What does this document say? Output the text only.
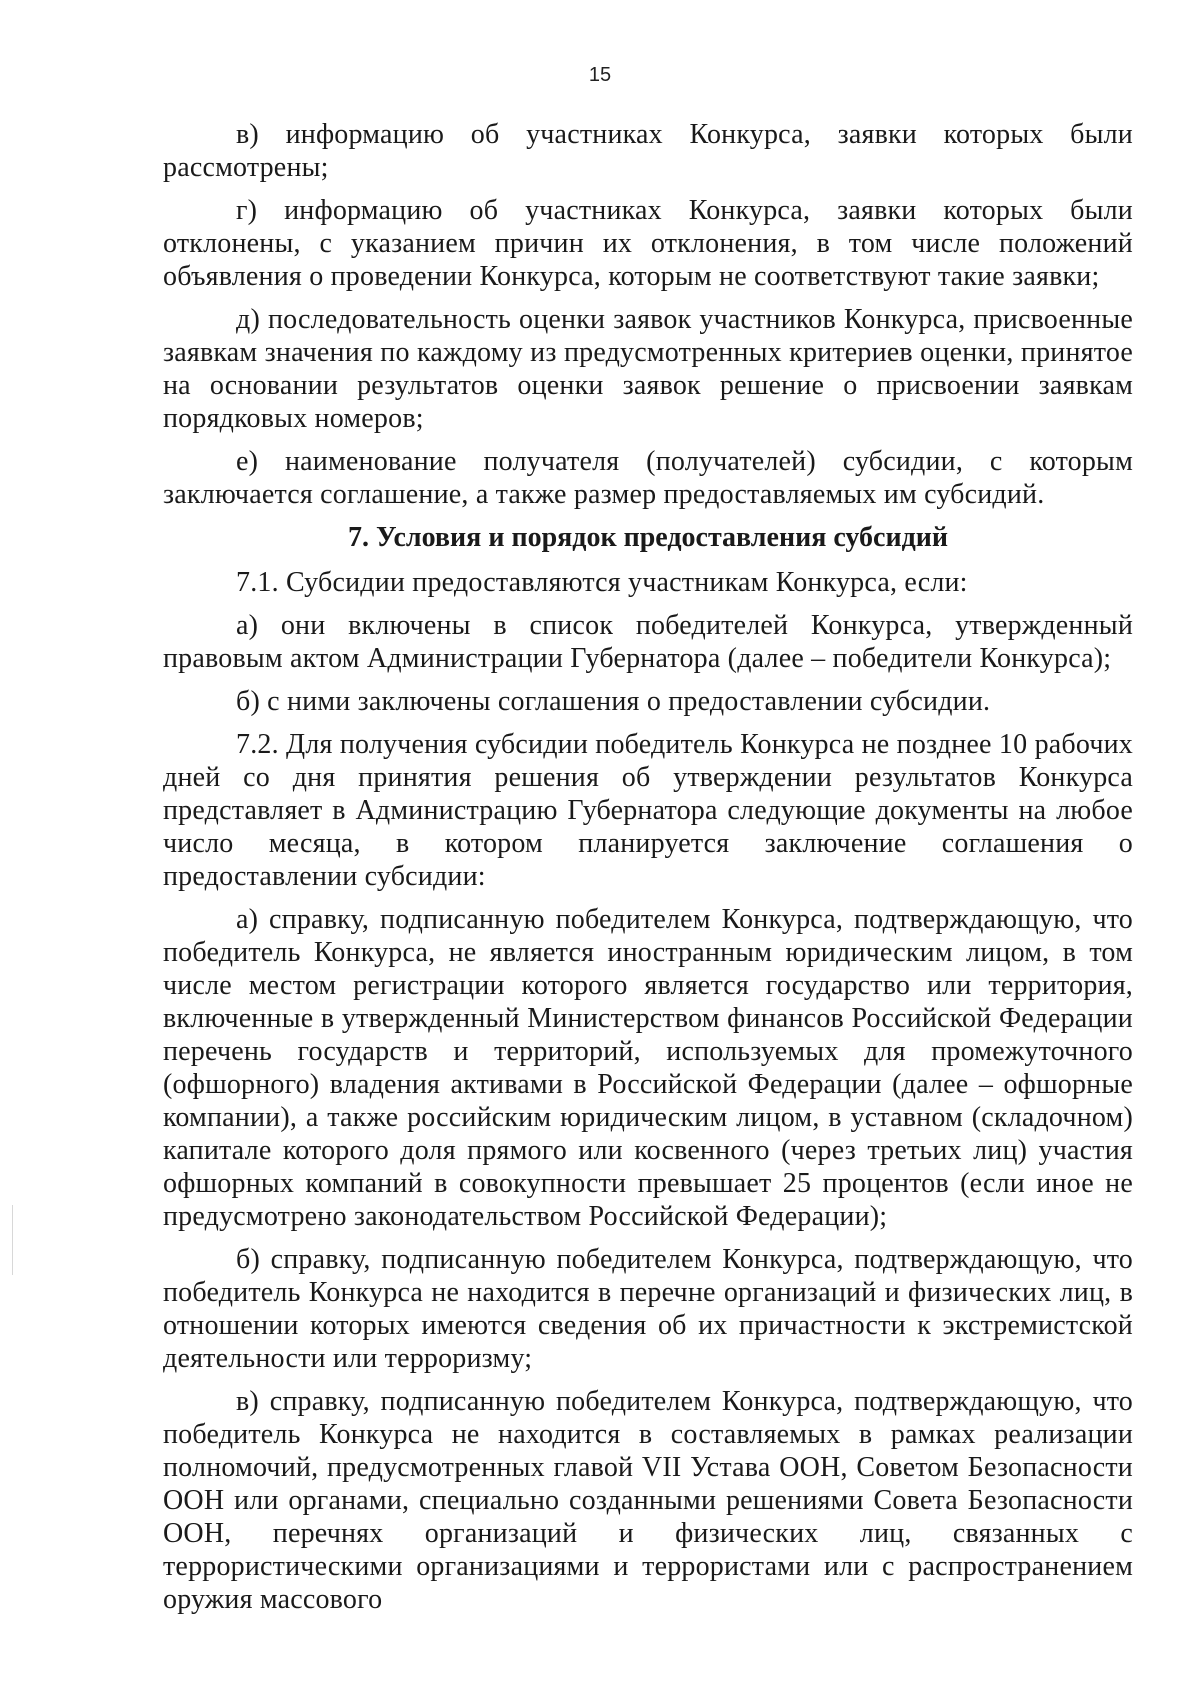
15

в) информацию об участниках Конкурса, заявки которых были рассмотрены;

г) информацию об участниках Конкурса, заявки которых были отклонены, с указанием причин их отклонения, в том числе положений объявления о проведении Конкурса, которым не соответствуют такие заявки;

д) последовательность оценки заявок участников Конкурса, присвоенные заявкам значения по каждому из предусмотренных критериев оценки, принятое на основании результатов оценки заявок решение о присвоении заявкам порядковых номеров;

е) наименование получателя (получателей) субсидии, с которым заключается соглашение, а также размер предоставляемых им субсидий.

7. Условия и порядок предоставления субсидий

7.1. Субсидии предоставляются участникам Конкурса, если:

а) они включены в список победителей Конкурса, утвержденный правовым актом Администрации Губернатора (далее – победители Конкурса);

б) с ними заключены соглашения о предоставлении субсидии.

7.2. Для получения субсидии победитель Конкурса не позднее 10 рабочих дней со дня принятия решения об утверждении результатов Конкурса представляет в Администрацию Губернатора следующие документы на любое число месяца, в котором планируется заключение соглашения о предоставлении субсидии:

а) справку, подписанную победителем Конкурса, подтверждающую, что победитель Конкурса, не является иностранным юридическим лицом, в том числе местом регистрации которого является государство или территория, включенные в утвержденный Министерством финансов Российской Федерации перечень государств и территорий, используемых для промежуточного (офшорного) владения активами в Российской Федерации (далее – офшорные компании), а также российским юридическим лицом, в уставном (складочном) капитале которого доля прямого или косвенного (через третьих лиц) участия офшорных компаний в совокупности превышает 25 процентов (если иное не предусмотрено законодательством Российской Федерации);

б) справку, подписанную победителем Конкурса, подтверждающую, что победитель Конкурса не находится в перечне организаций и физических лиц, в отношении которых имеются сведения об их причастности к экстремистской деятельности или терроризму;

в) справку, подписанную победителем Конкурса, подтверждающую, что победитель Конкурса не находится в составляемых в рамках реализации полномочий, предусмотренных главой VII Устава ООН, Советом Безопасности ООН или органами, специально созданными решениями Совета Безопасности ООН, перечнях организаций и физических лиц, связанных с террористическими организациями и террористами или с распространением оружия массового
